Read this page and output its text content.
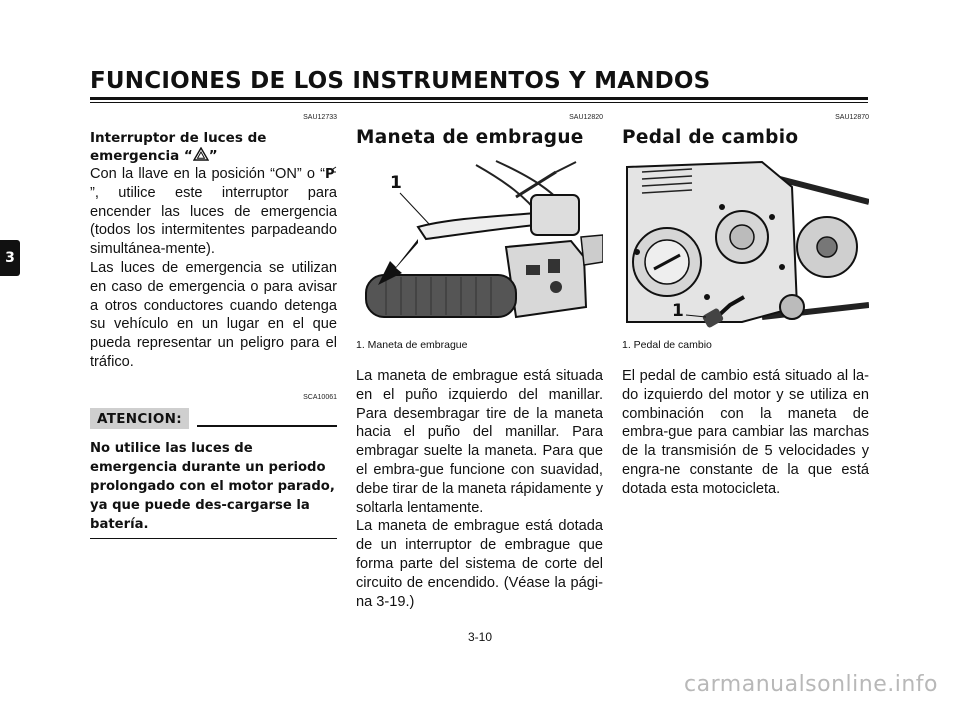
FUNCIONES DE LOS INSTRUMENTOS Y MANDOS
3
SAU12733
Interruptor de luces de
emergencia “ ”

Con la llave en la posición “ON” o “ P
”, utilice este interruptor para encender las luces de emergencia (todos los intermitentes parpadeando simultánea-mente).

Las luces de emergencia se utilizan en caso de emergencia o para avisar a otros conductores cuando detenga su vehículo en un lugar en el que pueda representar un peligro para el tráfico.

SCA10061
ATENCION:
No utilice las luces de emergencia durante un periodo prolongado con el motor parado, ya que puede des-cargarse la batería.
SAU12820
Maneta de embrague
1
1. Maneta de embrague

La maneta de embrague está situada en el puño izquierdo del manillar. Para desembragar tire de la maneta hacia el puño del manillar. Para embragar suelte la maneta. Para que el embra-gue funcione con suavidad, debe tirar de la maneta rápidamente y soltarla lentamente.

La maneta de embrague está dotada de un interruptor de embrague que forma parte del sistema de corte del circuito de encendido. (Véase la pági-na 3-19.)

SAU12870
Pedal de cambio
1
1. Pedal de cambio

El pedal de cambio está situado al la-do izquierdo del motor y se utiliza en combinación con la maneta de embra-gue para cambiar las marchas de la transmisión de 5 velocidades y engra-ne constante de la que está dotada esta motocicleta.

3-10
carmanualsonline.info
